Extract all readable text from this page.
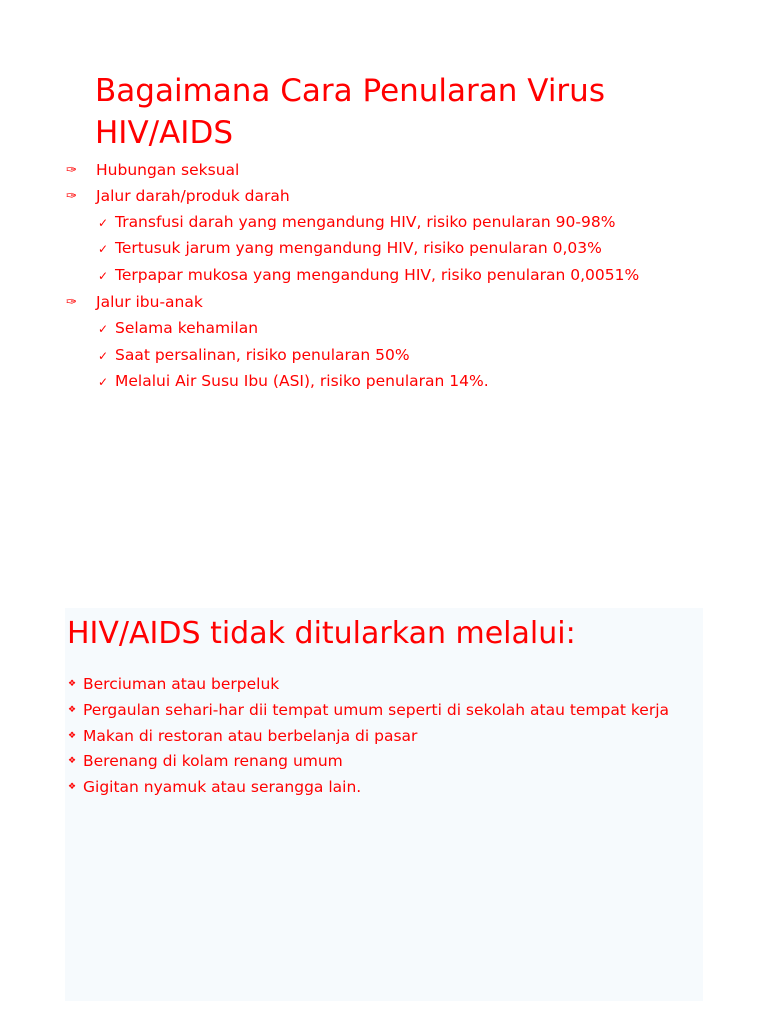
Bagaimana Cara Penularan Virus HIV/AIDS
✑ Hubungan seksual
✑ Jalur darah/produk darah
✓ Transfusi darah yang mengandung HIV, risiko penularan 90-98%
✓ Tertusuk jarum yang mengandung HIV, risiko penularan 0,03%
✓ Terpapar mukosa yang mengandung HIV, risiko penularan 0,0051%
✑ Jalur ibu-anak
✓ Selama kehamilan
✓ Saat persalinan, risiko penularan 50%
✓ Melalui Air Susu Ibu (ASI), risiko penularan 14%.
HIV/AIDS tidak ditularkan melalui:
❖ Berciuman atau berpeluk
❖ Pergaulan sehari-har dii tempat umum seperti di sekolah atau tempat kerja
❖ Makan di restoran atau berbelanja di pasar
❖ Berenang di kolam renang umum
❖ Gigitan nyamuk atau serangga lain.
